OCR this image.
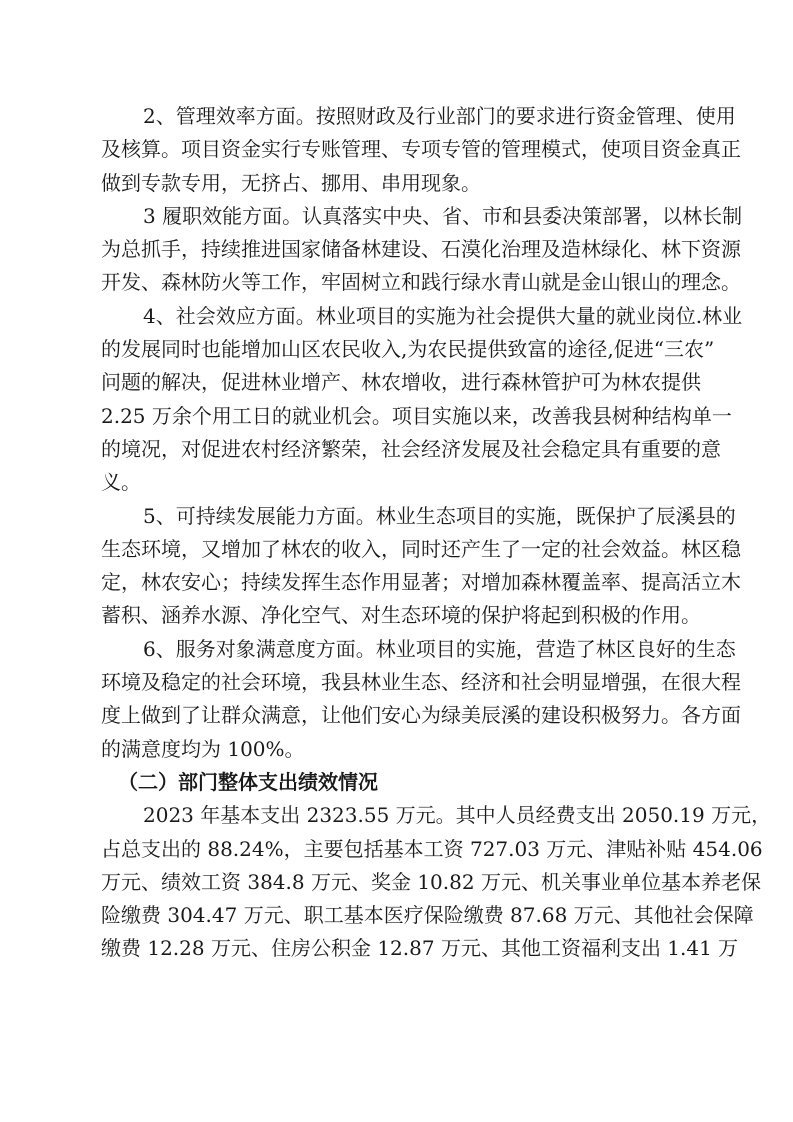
2、管理效率方面。按照财政及行业部门的要求进行资金管理、使用
及核算。项目资金实行专账管理、专项专管的管理模式，使项目资金真正
做到专款专用，无挤占、挪用、串用现象。
3 履职效能方面。认真落实中央、省、市和县委决策部署，以林长制
为总抓手，持续推进国家储备林建设、石漠化治理及造林绿化、林下资源
开发、森林防火等工作，牢固树立和践行绿水青山就是金山银山的理念。
4、社会效应方面。林业项目的实施为社会提供大量的就业岗位.林业
的发展同时也能增加山区农民收入,为农民提供致富的途径,促进“三农”
问题的解决，促进林业增产、林农增收，进行森林管护可为林农提供
2.25 万余个用工日的就业机会。项目实施以来，改善我县树种结构单一
的境况，对促进农村经济繁荣，社会经济发展及社会稳定具有重要的意
义。
5、可持续发展能力方面。林业生态项目的实施，既保护了辰溪县的
生态环境，又增加了林农的收入，同时还产生了一定的社会效益。林区稳
定，林农安心；持续发挥生态作用显著；对增加森林覆盖率、提高活立木
蓄积、涵养水源、净化空气、对生态环境的保护将起到积极的作用。
6、服务对象满意度方面。林业项目的实施，营造了林区良好的生态
环境及稳定的社会环境，我县林业生态、经济和社会明显增强，在很大程
度上做到了让群众满意，让他们安心为绿美辰溪的建设积极努力。各方面
的满意度均为 100%。
（二）部门整体支出绩效情况
2023 年基本支出 2323.55 万元。其中人员经费支出 2050.19 万元，
占总支出的 88.24%，主要包括基本工资 727.03 万元、津贴补贴 454.06
万元、绩效工资 384.8 万元、奖金 10.82 万元、机关事业单位基本养老保
险缴费 304.47 万元、职工基本医疗保险缴费 87.68 万元、其他社会保障
缴费 12.28 万元、住房公积金 12.87 万元、其他工资福利支出 1.41 万
